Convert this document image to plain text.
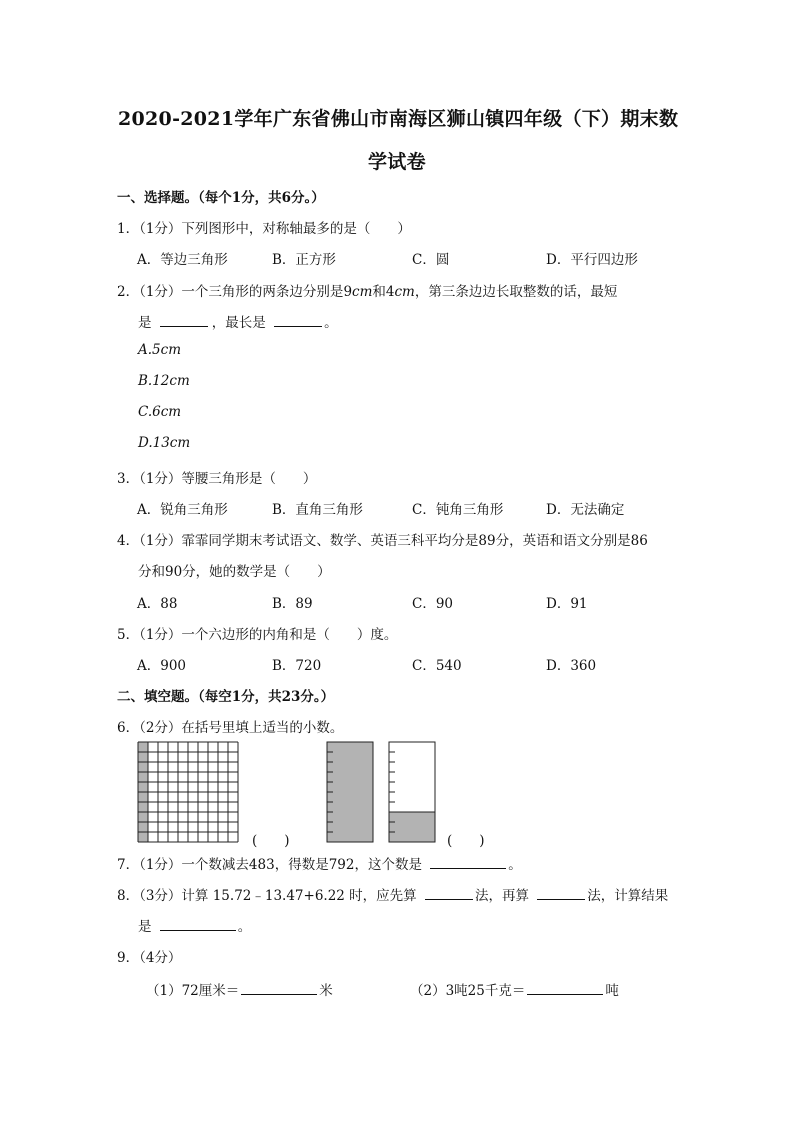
2020-2021学年广东省佛山市南海区狮山镇四年级（下）期末数
学试卷
一、选择题。（每个1分，共6分。）
1．（1分）下列图形中，对称轴最多的是（　　）
A．等边三角形	B．正方形	C．圆	D．平行四边形
2．（1分）一个三角形的两条边分别是9cm和4cm，第三条边边长取整数的话，最短
是	，最长是	。
A.5cm
B.12cm
C.6cm
D.13cm
3．（1分）等腰三角形是（　　）
A．锐角三角形	B．直角三角形	C．钝角三角形	D．无法确定
4．（1分）霏霏同学期末考试语文、数学、英语三科平均分是89分，英语和语文分别是86
分和90分，她的数学是（　　）
A．88	B．89	C．90	D．91
5．（1分）一个六边形的内角和是（　　）度。
A．900	B．720	C．540	D．360
二、填空题。（每空1分，共23分。）
6．（2分）在括号里填上适当的小数。
(　　)	(　　)
7．（1分）一个数减去483，得数是792，这个数是	。
8．（3分）计算 15.72﹣13.47+6.22 时，应先算	法，再算	法，计算结果
是	。
9．（4分）
（1）72厘米＝	米	（2）3吨25千克＝	吨
